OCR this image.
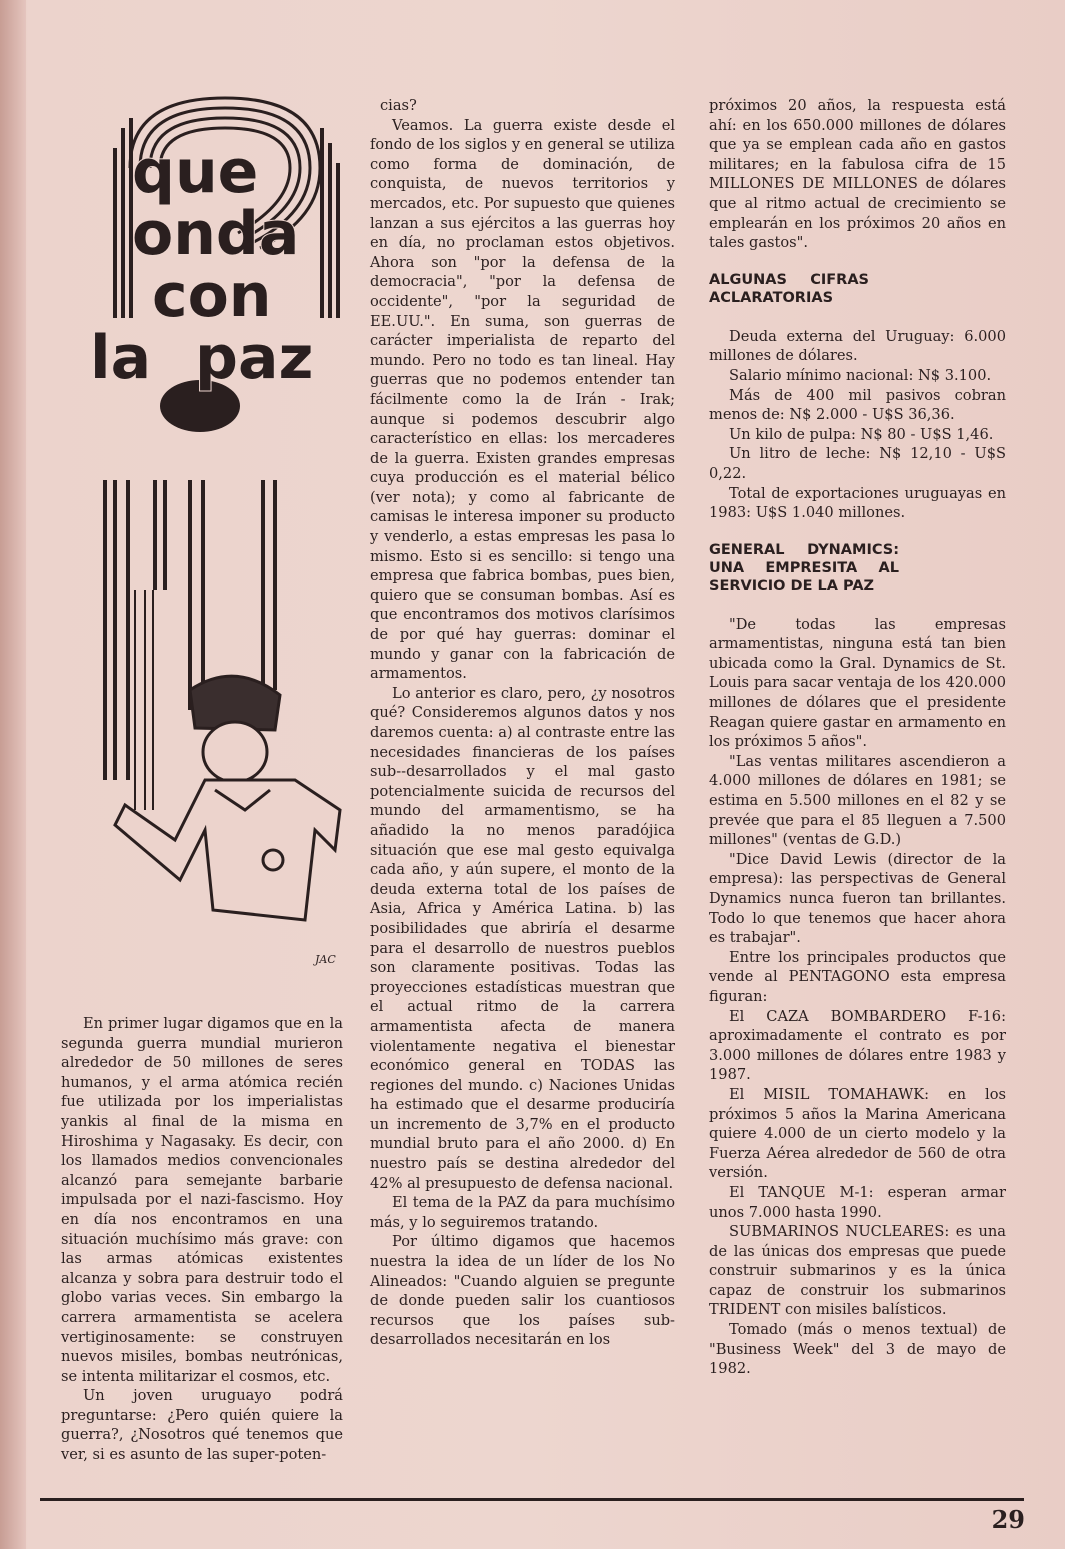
que
onda
con
la paz
JAC

En primer lugar digamos que en la segunda guerra mundial murieron alrededor de 50 millones de seres humanos, y el arma atómica recién fue utilizada por los imperialistas yankis al final de la misma en Hiroshima y Nagasaky. Es decir, con los llamados medios convencionales alcanzó para semejante barbarie impulsada por el nazi-fascismo. Hoy en día nos encontramos en una situación muchísimo más grave: con las armas atómicas existentes alcanza y sobra para destruir todo el globo varias veces. Sin embargo la carrera armamentista se acelera vertiginosamente: se construyen nuevos misiles, bombas neutrónicas, se intenta militarizar el cosmos, etc.

Un joven uruguayo podrá preguntarse: ¿Pero quién quiere la guerra?, ¿Nosotros qué tenemos que ver, si es asunto de las super-poten-

cias?

Veamos. La guerra existe desde el fondo de los siglos y en general se utiliza como forma de dominación, de conquista, de nuevos territorios y mercados, etc. Por supuesto que quienes lanzan a sus ejércitos a las guerras hoy en día, no proclaman estos objetivos. Ahora son "por la defensa de la democracia", "por la defensa de occidente", "por la seguridad de EE.UU.". En suma, son guerras de carácter imperialista de reparto del mundo. Pero no todo es tan lineal. Hay guerras que no podemos entender tan fácilmente como la de Irán - Irak; aunque si podemos descubrir algo característico en ellas: los mercaderes de la guerra. Existen grandes empresas cuya producción es el material bélico (ver nota); y como al fabricante de camisas le interesa imponer su producto y venderlo, a estas empresas les pasa lo mismo. Esto si es sencillo: si tengo una empresa que fabrica bombas, pues bien, quiero que se consuman bombas. Así es que encontramos dos motivos clarísimos de por qué hay guerras: dominar el mundo y ganar con la fabricación de armamentos.

Lo anterior es claro, pero, ¿y nosotros qué? Consideremos algunos datos y nos daremos cuenta: a) al contraste entre las necesidades financieras de los países sub--desarrollados y el mal gasto potencialmente suicida de recursos del mundo del armamentismo, se ha añadido la no menos paradójica situación que ese mal gesto equivalga cada año, y aún supere, el monto de la deuda externa total de los países de Asia, Africa y América Latina. b) las posibilidades que abriría el desarme para el desarrollo de nuestros pueblos son claramente positivas. Todas las proyecciones estadísticas muestran que el actual ritmo de la carrera armamentista afecta de manera violentamente negativa el bienestar económico general en TODAS las regiones del mundo. c) Naciones Unidas ha estimado que el desarme produciría un incremento de 3,7% en el producto mundial bruto para el año 2000. d) En nuestro país se destina alrededor del 42% al presupuesto de defensa nacional.

El tema de la PAZ da para muchísimo más, y lo seguiremos tratando.

Por último digamos que hacemos nuestra la idea de un líder de los No Alineados: "Cuando alguien se pregunte de donde pueden salir los cuantiosos recursos que los países sub-desarrollados necesitarán en los

próximos 20 años, la respuesta está ahí: en los 650.000 millones de dólares que ya se emplean cada año en gastos militares; en la fabulosa cifra de 15 MILLONES DE MILLONES de dólares que al ritmo actual de crecimiento se emplearán en los próximos 20 años en tales gastos".

ALGUNAS CIFRAS ACLARATORIAS

Deuda externa del Uruguay: 6.000 millones de dólares.

Salario mínimo nacional: N$ 3.100.

Más de 400 mil pasivos cobran menos de: N$ 2.000 - U$S 36,36.

Un kilo de pulpa: N$ 80 - U$S 1,46.

Un litro de leche: N$ 12,10 - U$S 0,22.

Total de exportaciones uruguayas en 1983: U$S 1.040 millones.

GENERAL DYNAMICS: UNA EMPRESITA AL SERVICIO DE LA PAZ

"De todas las empresas armamentistas, ninguna está tan bien ubicada como la Gral. Dynamics de St. Louis para sacar ventaja de los 420.000 millones de dólares que el presidente Reagan quiere gastar en armamento en los próximos 5 años".

"Las ventas militares ascendieron a 4.000 millones de dólares en 1981; se estima en 5.500 millones en el 82 y se prevée que para el 85 lleguen a 7.500 millones" (ventas de G.D.)

"Dice David Lewis (director de la empresa): las perspectivas de General Dynamics nunca fueron tan brillantes. Todo lo que tenemos que hacer ahora es trabajar".

Entre los principales productos que vende al PENTAGONO esta empresa figuran:

El CAZA BOMBARDERO F-16: aproximadamente el contrato es por 3.000 millones de dólares entre 1983 y 1987.

El MISIL TOMAHAWK: en los próximos 5 años la Marina Americana quiere 4.000 de un cierto modelo y la Fuerza Aérea alrededor de 560 de otra versión.

El TANQUE M-1: esperan armar unos 7.000 hasta 1990.

SUBMARINOS NUCLEARES: es una de las únicas dos empresas que puede construir submarinos y es la única capaz de construir los submarinos TRIDENT con misiles balísticos.

Tomado (más o menos textual) de "Business Week" del 3 de mayo de 1982.

29
